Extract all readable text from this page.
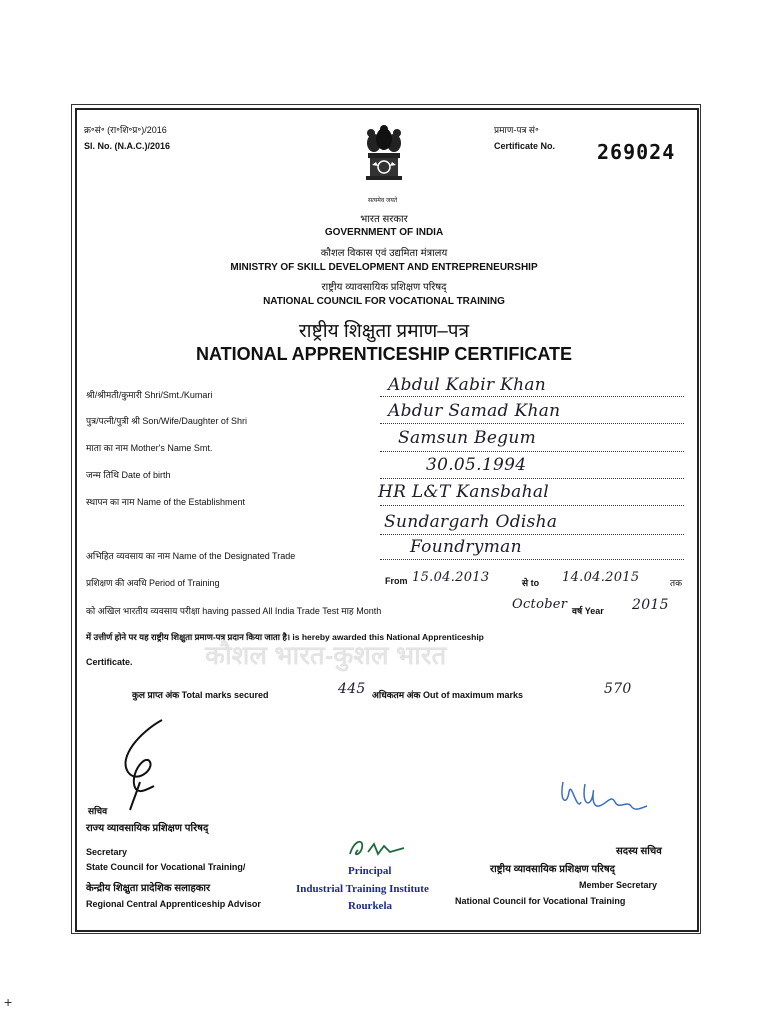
कौशल भारत-कुशल भारत
क्र॰सं॰ (रा॰शि॰प्र॰)/2016
Sl. No. (N.A.C.)/2016
प्रमाण-पत्र सं॰
Certificate No. 269024
सत्यमेव जयते
भारत सरकार
GOVERNMENT OF INDIA
कौशल विकास एवं उद्यमिता मंत्रालय
MINISTRY OF SKILL DEVELOPMENT AND ENTREPRENEURSHIP
राष्ट्रीय व्यावसायिक प्रशिक्षण परिषद्
NATIONAL COUNCIL FOR VOCATIONAL TRAINING
राष्ट्रीय शिक्षुता प्रमाण–पत्र
NATIONAL APPRENTICESHIP CERTIFICATE
श्री/श्रीमती/कुमारी Shri/Smt./Kumari	Abdul Kabir Khan
पुत्र/पत्नी/पुत्री श्री Son/Wife/Daughter of Shri	Abdur Samad Khan
माता का नाम Mother's Name Smt.	Samsun Begum
जन्म तिथि Date of birth	30.05.1994
स्थापन का नाम Name of the Establishment	HR L&T Kansbahal
Sundargarh Odisha
अभिहित व्यवसाय का नाम Name of the Designated Trade	Foundryman
प्रशिक्षण की अवधि Period of Training	From 15.04.2013	से to 14.04.2015	तक
को अखिल भारतीय व्यवसाय परीक्षा having passed All India Trade Test माह Month	October वर्ष Year 2015
में उत्तीर्ण होने पर यह राष्ट्रीय शिक्षुता प्रमाण-पत्र प्रदान किया जाता है। is hereby awarded this National Apprenticeship
Certificate.
कुल प्राप्त अंक Total marks secured	445 अधिकतम अंक Out of maximum marks	570
सचिव
राज्य व्यावसायिक प्रशिक्षण परिषद्
Secretary
State Council for Vocational Training/
केन्द्रीय शिक्षुता प्रादेशिक सलाहकार
Regional Central Apprenticeship Advisor
Principal
Industrial Training Institute
Rourkela
सदस्य सचिव
राष्ट्रीय व्यावसायिक प्रशिक्षण परिषद्
Member Secretary
National Council for Vocational Training
+
